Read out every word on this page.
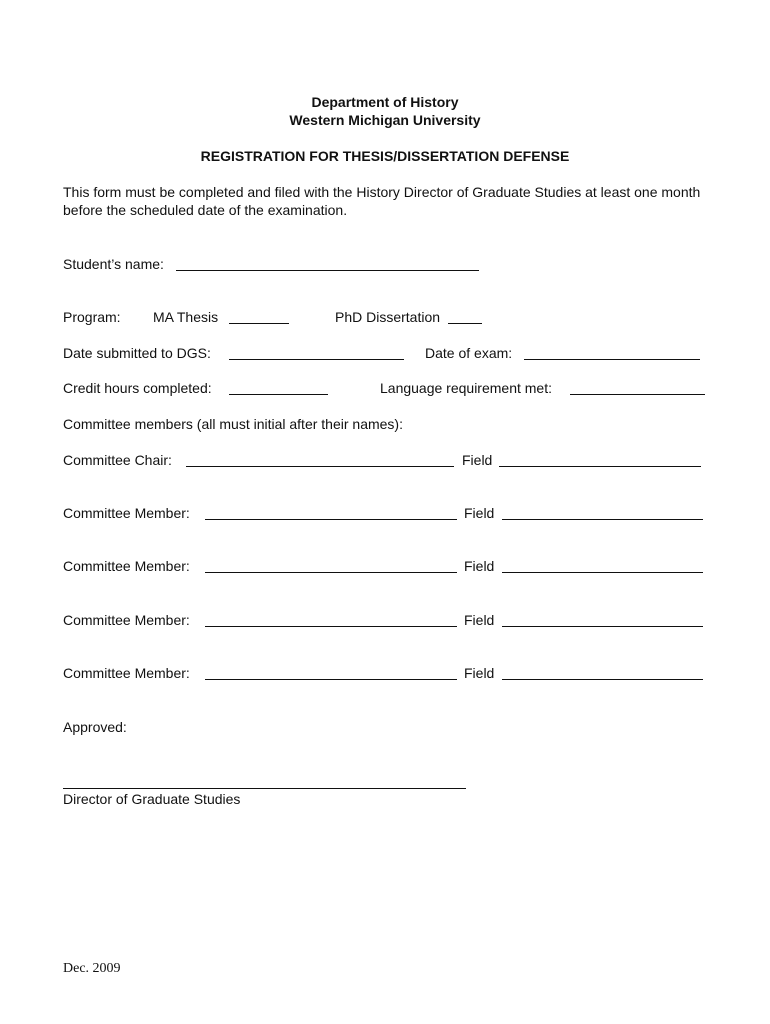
Department of History
Western Michigan University
REGISTRATION FOR THESIS/DISSERTATION DEFENSE
This form must be completed and filed with the History Director of Graduate Studies at least one month before the scheduled date of the examination.
Student’s name:
Program: MA Thesis	PhD Dissertation
Date submitted to DGS:	Date of exam:
Credit hours completed:	Language requirement met:
Committee members (all must initial after their names):
Committee Chair:	Field
Committee Member:	Field
Committee Member:	Field
Committee Member:	Field
Committee Member:	Field
Approved:
Director of Graduate Studies
Dec. 2009
